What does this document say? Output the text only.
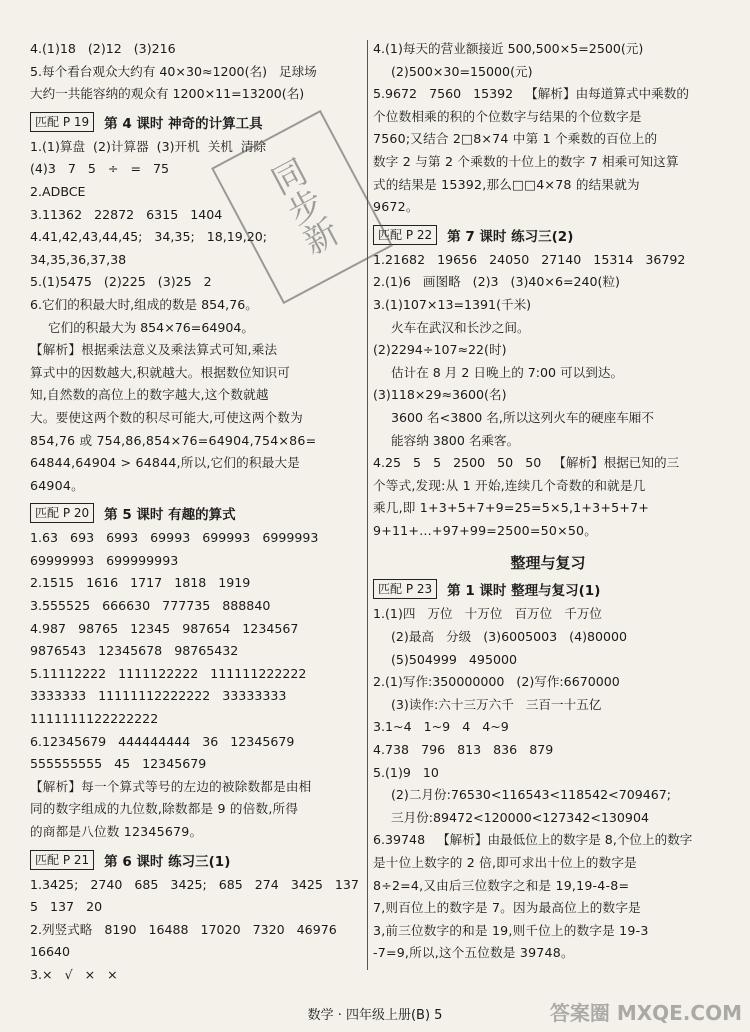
4.(1)18   (2)12   (3)216
5.每个看台观众大约有 40×30≈1200(名)   足球场
大约一共能容纳的观众有 1200×11=13200(名)
匹配 P 19	第 4 课时 神奇的计算工具
1.(1)算盘  (2)计算器  (3)开机  关机  清除
(4)3   7   5   ÷   =   75
2.ADBCE
3.11362   22872   6315   1404
4.41,42,43,44,45;   34,35;   18,19,20;
34,35,36,37,38
5.(1)5475   (2)225   (3)25   2
6.它们的积最大时,组成的数是 854,76。
它们的积最大为 854×76=64904。
【解析】根据乘法意义及乘法算式可知,乘法
算式中的因数越大,积就越大。根据数位知识可
知,自然数的高位上的数字越大,这个数就越
大。要使这两个数的积尽可能大,可使这两个数为
854,76 或 754,86,854×76=64904,754×86=
64844,64904 > 64844,所以,它们的积最大是
64904。
匹配 P 20	第 5 课时 有趣的算式
1.63   693   6993   69993   699993   6999993
69999993   699999993
2.1515   1616   1717   1818   1919
3.555525   666630   777735   888840
4.987   98765   12345   987654   1234567
9876543   12345678   98765432
5.11112222   1111122222   111111222222
3333333   11111112222222   33333333
1111111122222222
6.12345679   444444444   36   12345679
555555555   45   12345679
【解析】每一个算式等号的左边的被除数都是由相
同的数字组成的九位数,除数都是 9 的倍数,所得
的商都是八位数 12345679。
匹配 P 21	第 6 课时 练习三(1)
1.3425;   2740   685   3425;   685   274   3425   137
5   137   20
2.列竖式略   8190   16488   17020   7320   46976
16640
3.×   √   ×   ×
4.(1)每天的营业额接近 500,500×5=2500(元)
(2)500×30=15000(元)
5.9672   7560   15392   【解析】由每道算式中乘数的
个位数相乘的积的个位数字与结果的个位数字是
7560;又结合 2□8×74 中第 1 个乘数的百位上的
数字 2 与第 2 个乘数的十位上的数字 7 相乘可知这算
式的结果是 15392,那么□□4×78 的结果就为
9672。
匹配 P 22	第 7 课时 练习三(2)
1.21682   19656   24050   27140   15314   36792
2.(1)6   画图略   (2)3   (3)40×6=240(粒)
3.(1)107×13=1391(千米)
火车在武汉和长沙之间。
(2)2294÷107≈22(时)
估计在 8 月 2 日晚上的 7:00 可以到达。
(3)118×29≈3600(名)
3600 名<3800 名,所以这列火车的硬座车厢不
能容纳 3800 名乘客。
4.25   5   5   2500   50   50   【解析】根据已知的三
个等式,发现:从 1 开始,连续几个奇数的和就是几
乘几,即 1+3+5+7+9=25=5×5,1+3+5+7+
9+11+…+97+99=2500=50×50。
整理与复习
匹配 P 23	第 1 课时 整理与复习(1)
1.(1)四   万位   十万位   百万位   千万位
(2)最高   分级   (3)6005003   (4)80000
(5)504999   495000
2.(1)写作:350000000   (2)写作:6670000
(3)读作:六十三万六千   三百一十五亿
3.1~4   1~9   4   4~9
4.738   796   813   836   879
5.(1)9   10
(2)二月份:76530<116543<118542<709467;
三月份:89472<120000<127342<130904
6.39748   【解析】由最低位上的数字是 8,个位上的数字
是十位上数字的 2 倍,即可求出十位上的数字是
8÷2=4,又由后三位数字之和是 19,19-4-8=
7,则百位上的数字是 7。因为最高位上的数字是
3,前三位数字的和是 19,则千位上的数字是 19-3
-7=9,所以,这个五位数是 39748。
同步新
数学 · 四年级上册(B) 5	答案圈 MXQE.COM
